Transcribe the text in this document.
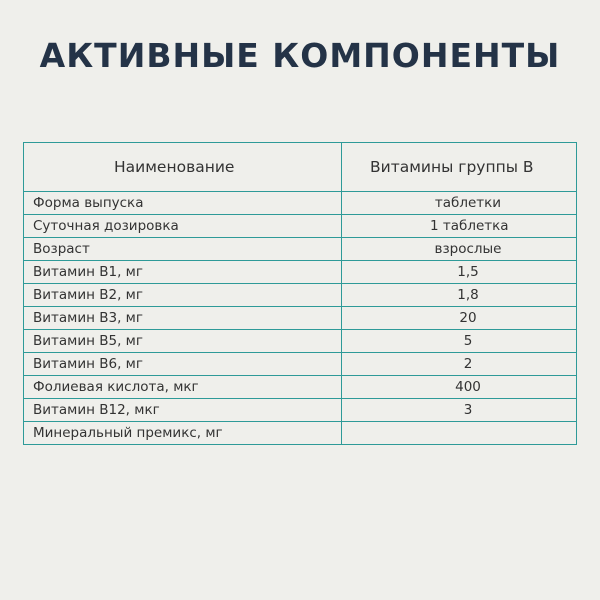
АКТИВНЫЕ КОМПОНЕНТЫ
Наименование	Витамины группы В
Форма выпуска	таблетки
Суточная дозировка	1 таблетка
Возраст	взрослые
Витамин В1, мг	1,5
Витамин В2, мг	1,8
Витамин В3, мг	20
Витамин В5, мг	5
Витамин В6, мг	2
Фолиевая кислота, мкг	400
Витамин В12, мкг	3
Минеральный премикс, мг	
